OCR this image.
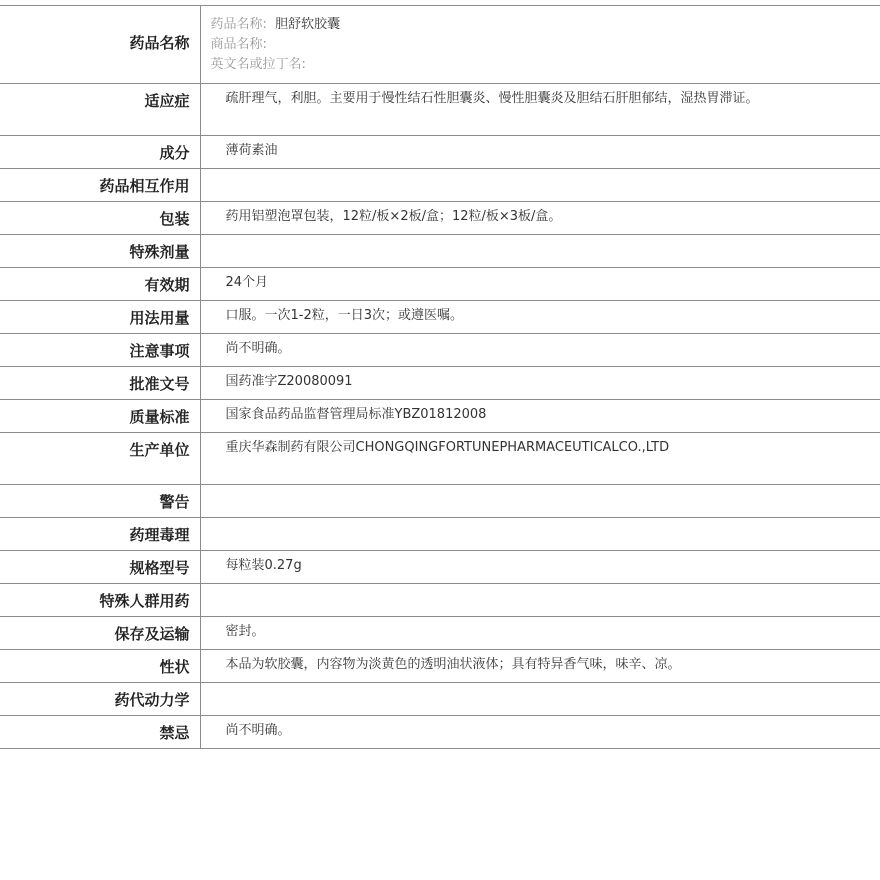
药品名称	药品名称: 胆舒软胶囊
商品名称:
英文名或拉丁名:

适应症	疏肝理气，利胆。主要用于慢性结石性胆囊炎、慢性胆囊炎及胆结石肝胆郁结，湿热胃滞证。

成分	薄荷素油
药品相互作用	
包装	药用铝塑泡罩包装，12粒/板×2板/盒；12粒/板×3板/盒。
特殊剂量	
有效期	24个月
用法用量	口服。一次1-2粒，一日3次；或遵医嘱。
注意事项	尚不明确。
批准文号	国药准字Z20080091
质量标准	国家食品药品监督管理局标准YBZ01812008
生产单位	重庆华森制药有限公司CHONGQINGFORTUNEPHARMACEUTICALCO.,LTD

警告	
药理毒理	
规格型号	每粒装0.27g
特殊人群用药	
保存及运输	密封。
性状	本品为软胶囊，内容物为淡黄色的透明油状液体；具有特异香气味，味辛、凉。
药代动力学	
禁忌	尚不明确。
